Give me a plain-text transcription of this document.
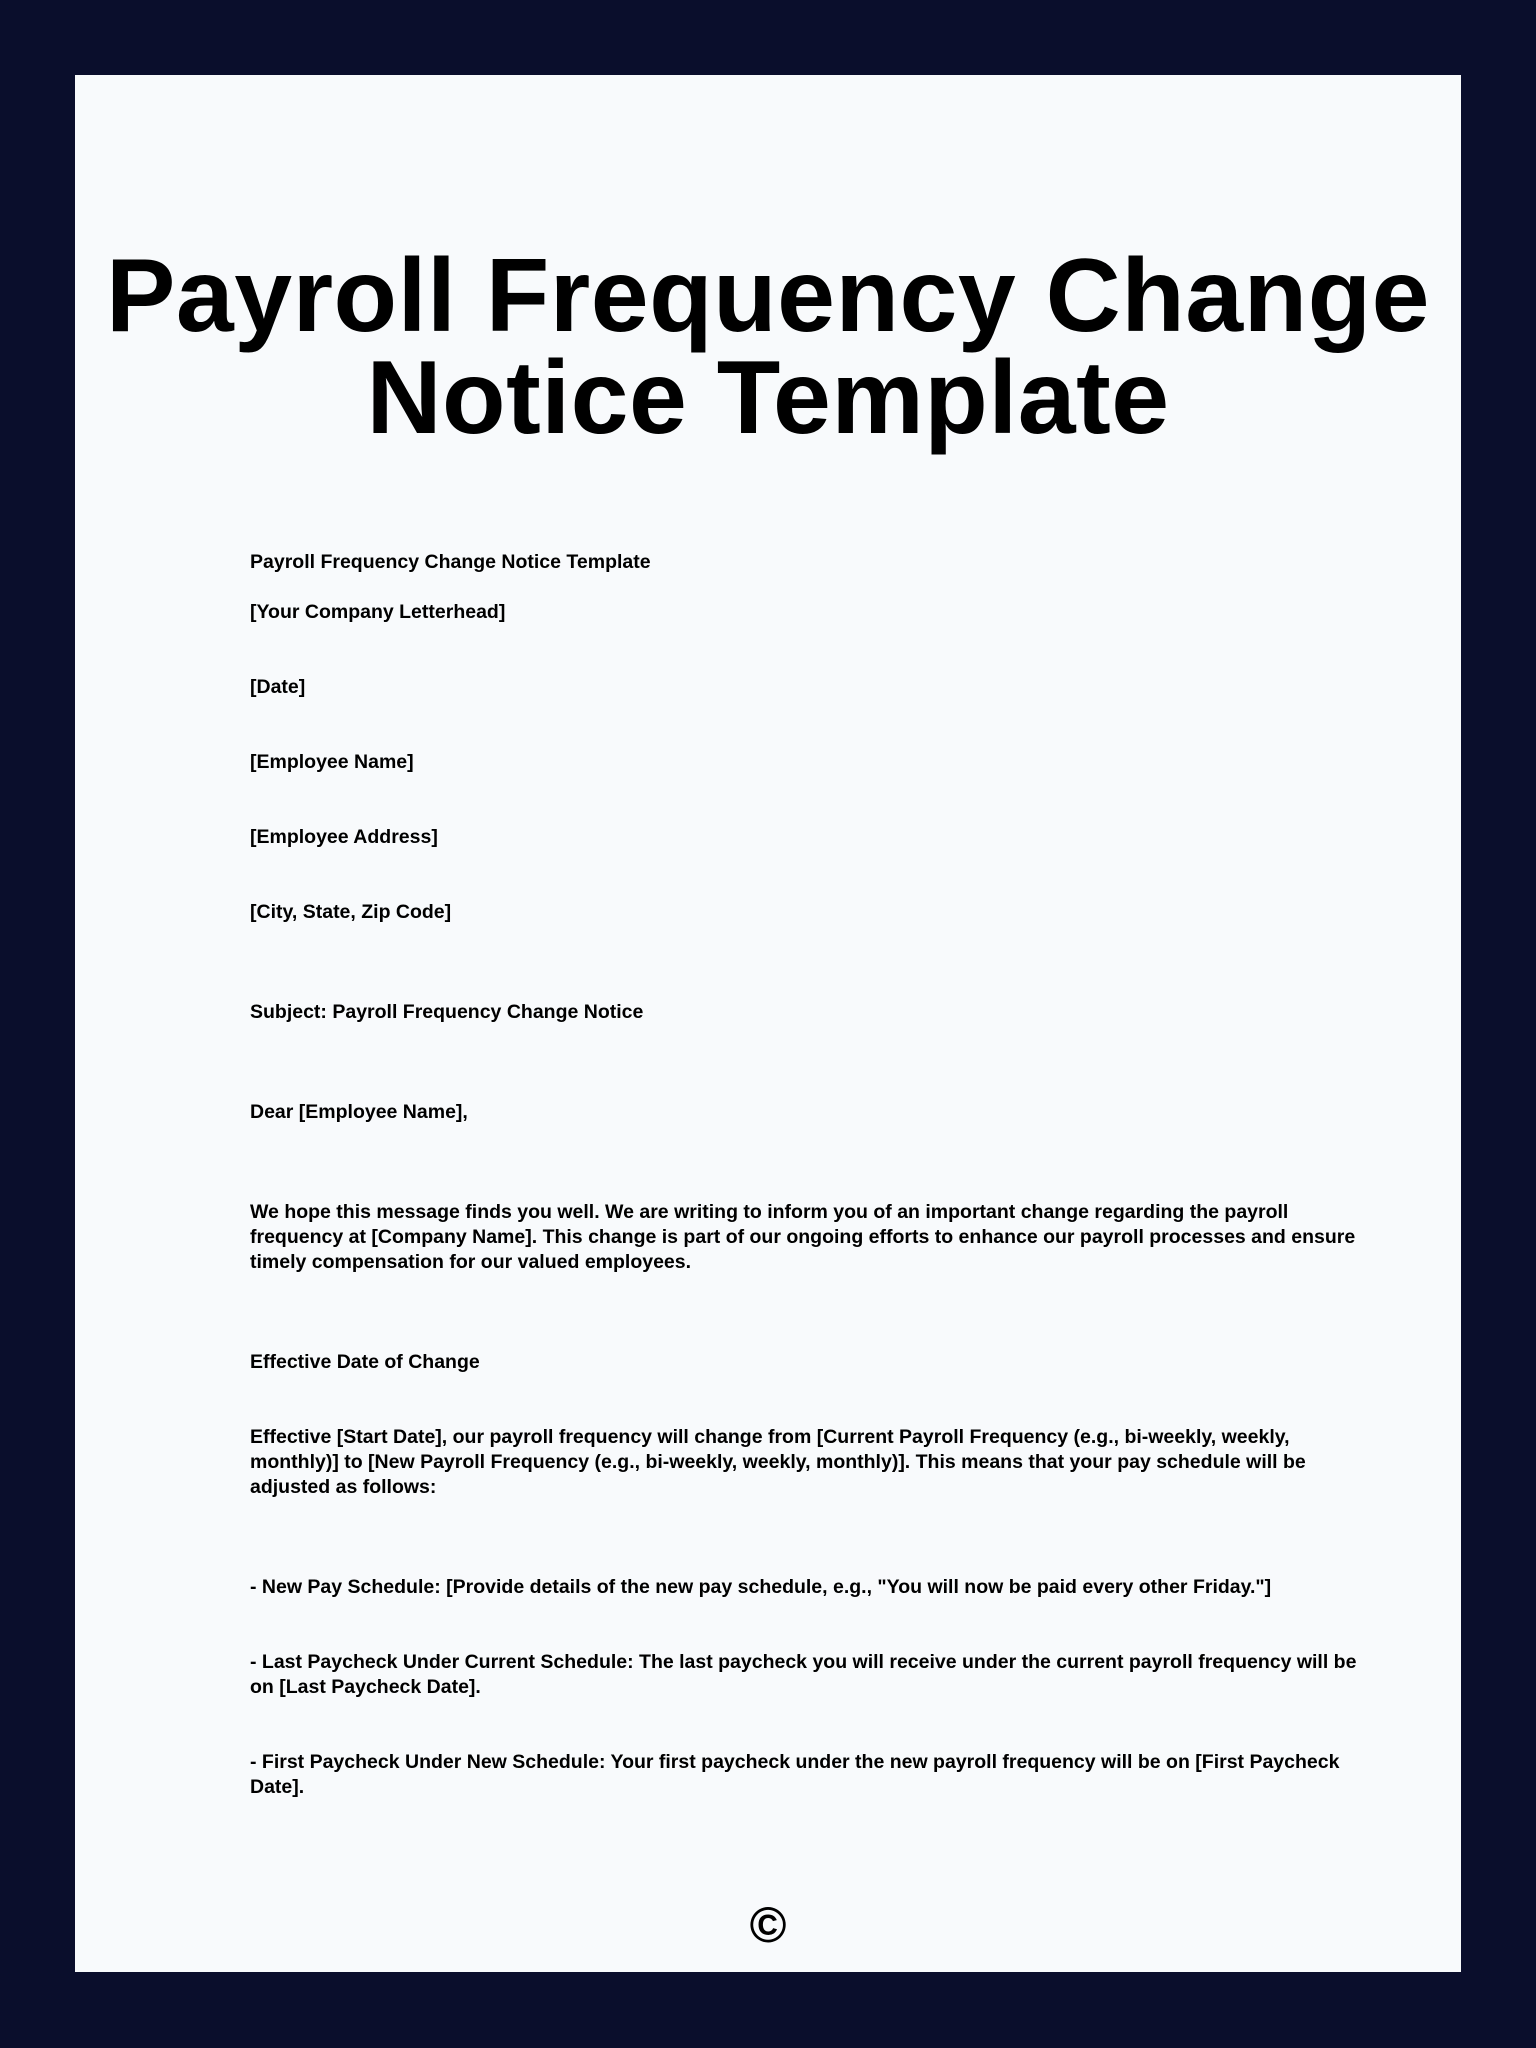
Payroll Frequency Change Notice Template

Payroll Frequency Change Notice Template

[Your Company Letterhead]

[Date]

[Employee Name]

[Employee Address]

[City, State, Zip Code]

Subject: Payroll Frequency Change Notice

Dear [Employee Name],

We hope this message finds you well. We are writing to inform you of an important change regarding the payroll frequency at [Company Name]. This change is part of our ongoing efforts to enhance our payroll processes and ensure timely compensation for our valued employees.

Effective Date of Change

Effective [Start Date], our payroll frequency will change from [Current Payroll Frequency (e.g., bi-weekly, weekly, monthly)] to [New Payroll Frequency (e.g., bi-weekly, weekly, monthly)]. This means that your pay schedule will be adjusted as follows:

- New Pay Schedule: [Provide details of the new pay schedule, e.g., "You will now be paid every other Friday."]

- Last Paycheck Under Current Schedule: The last paycheck you will receive under the current payroll frequency will be on [Last Paycheck Date].

- First Paycheck Under New Schedule: Your first paycheck under the new payroll frequency will be on [First Paycheck Date].

©
